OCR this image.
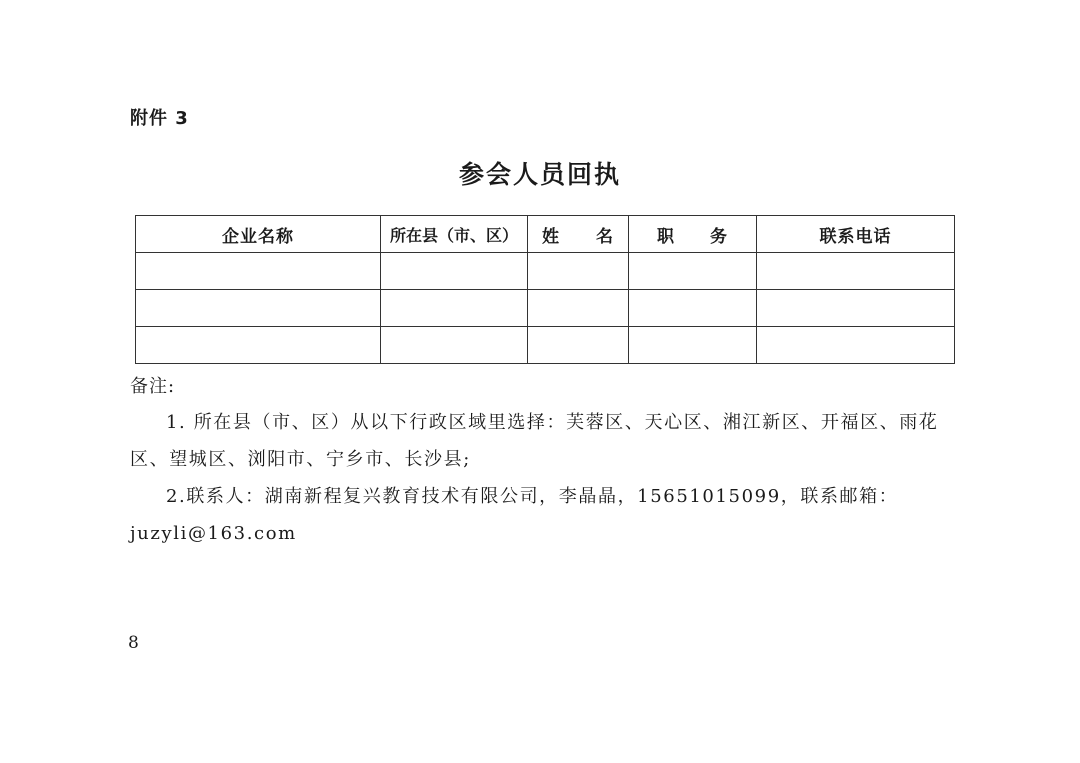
附件 3
参会人员回执
企业名称	所在县（市、区）	姓 名	职 务	联系电话

备注:
1. 所在县（市、区）从以下行政区域里选择：芙蓉区、天心区、湘江新区、开福区、雨花区、望城区、浏阳市、宁乡市、长沙县;
2.联系人：湖南新程复兴教育技术有限公司，李晶晶，15651015099，联系邮箱：juzyli@163.com
8
